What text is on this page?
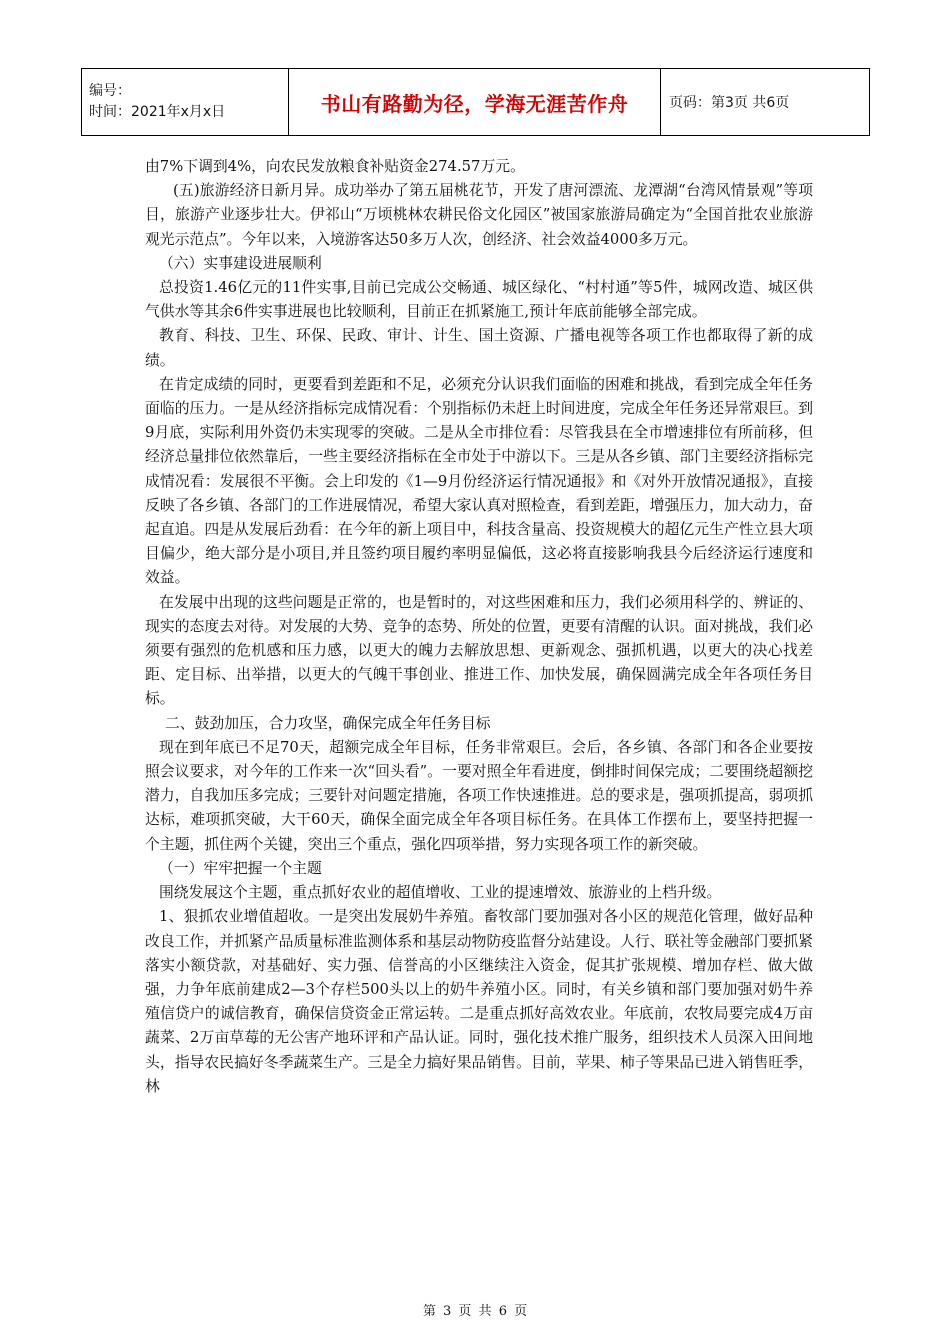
编号：
时间：2021年x月x日	书山有路勤为径，学海无涯苦作舟	页码：第3页 共6页

由7%下调到4%，向农民发放粮食补贴资金274.57万元。

(五)旅游经济日新月异。成功举办了第五届桃花节，开发了唐河漂流、龙潭湖“台湾风情景观”等项目，旅游产业逐步壮大。伊祁山“万顷桃林农耕民俗文化园区”被国家旅游局确定为“全国首批农业旅游观光示范点”。今年以来，入境游客达50多万人次，创经济、社会效益4000多万元。

（六）实事建设进展顺利

总投资1.46亿元的11件实事,目前已完成公交畅通、城区绿化、“村村通”等5件，城网改造、城区供气供水等其余6件实事进展也比较顺利，目前正在抓紧施工,预计年底前能够全部完成。

教育、科技、卫生、环保、民政、审计、计生、国土资源、广播电视等各项工作也都取得了新的成绩。

在肯定成绩的同时，更要看到差距和不足，必须充分认识我们面临的困难和挑战，看到完成全年任务面临的压力。一是从经济指标完成情况看：个别指标仍未赶上时间进度，完成全年任务还异常艰巨。到9月底，实际利用外资仍未实现零的突破。二是从全市排位看：尽管我县在全市增速排位有所前移，但经济总量排位依然靠后，一些主要经济指标在全市处于中游以下。三是从各乡镇、部门主要经济指标完成情况看：发展很不平衡。会上印发的《1—9月份经济运行情况通报》和《对外开放情况通报》，直接反映了各乡镇、各部门的工作进展情况，希望大家认真对照检查，看到差距，增强压力，加大动力，奋起直追。四是从发展后劲看：在今年的新上项目中，科技含量高、投资规模大的超亿元生产性立县大项目偏少，绝大部分是小项目,并且签约项目履约率明显偏低，这必将直接影响我县今后经济运行速度和效益。

在发展中出现的这些问题是正常的，也是暂时的，对这些困难和压力，我们必须用科学的、辨证的、现实的态度去对待。对发展的大势、竞争的态势、所处的位置，更要有清醒的认识。面对挑战，我们必须要有强烈的危机感和压力感，以更大的魄力去解放思想、更新观念、强抓机遇，以更大的决心找差距、定目标、出举措，以更大的气魄干事创业、推进工作、加快发展，确保圆满完成全年各项任务目标。

二、鼓劲加压，合力攻坚，确保完成全年任务目标

现在到年底已不足70天，超额完成全年目标，任务非常艰巨。会后，各乡镇、各部门和各企业要按照会议要求，对今年的工作来一次“回头看”。一要对照全年看进度，倒排时间保完成；二要围绕超额挖潜力，自我加压多完成；三要针对问题定措施，各项工作快速推进。总的要求是，强项抓提高，弱项抓达标，难项抓突破，大干60天，确保全面完成全年各项目标任务。在具体工作摆布上，要坚持把握一个主题，抓住两个关键，突出三个重点，强化四项举措，努力实现各项工作的新突破。

（一）牢牢把握一个主题

围绕发展这个主题，重点抓好农业的超值增收、工业的提速增效、旅游业的上档升级。

1、狠抓农业增值超收。一是突出发展奶牛养殖。畜牧部门要加强对各小区的规范化管理，做好品种改良工作，并抓紧产品质量标准监测体系和基层动物防疫监督分站建设。人行、联社等金融部门要抓紧落实小额贷款，对基础好、实力强、信誉高的小区继续注入资金，促其扩张规模、增加存栏、做大做强，力争年底前建成2—3个存栏500头以上的奶牛养殖小区。同时，有关乡镇和部门要加强对奶牛养殖信贷户的诚信教育，确保信贷资金正常运转。二是重点抓好高效农业。年底前，农牧局要完成4万亩蔬菜、2万亩草莓的无公害产地环评和产品认证。同时，强化技术推广服务，组织技术人员深入田间地头，指导农民搞好冬季蔬菜生产。三是全力搞好果品销售。目前，苹果、柿子等果品已进入销售旺季，林

第 3 页 共 6 页
